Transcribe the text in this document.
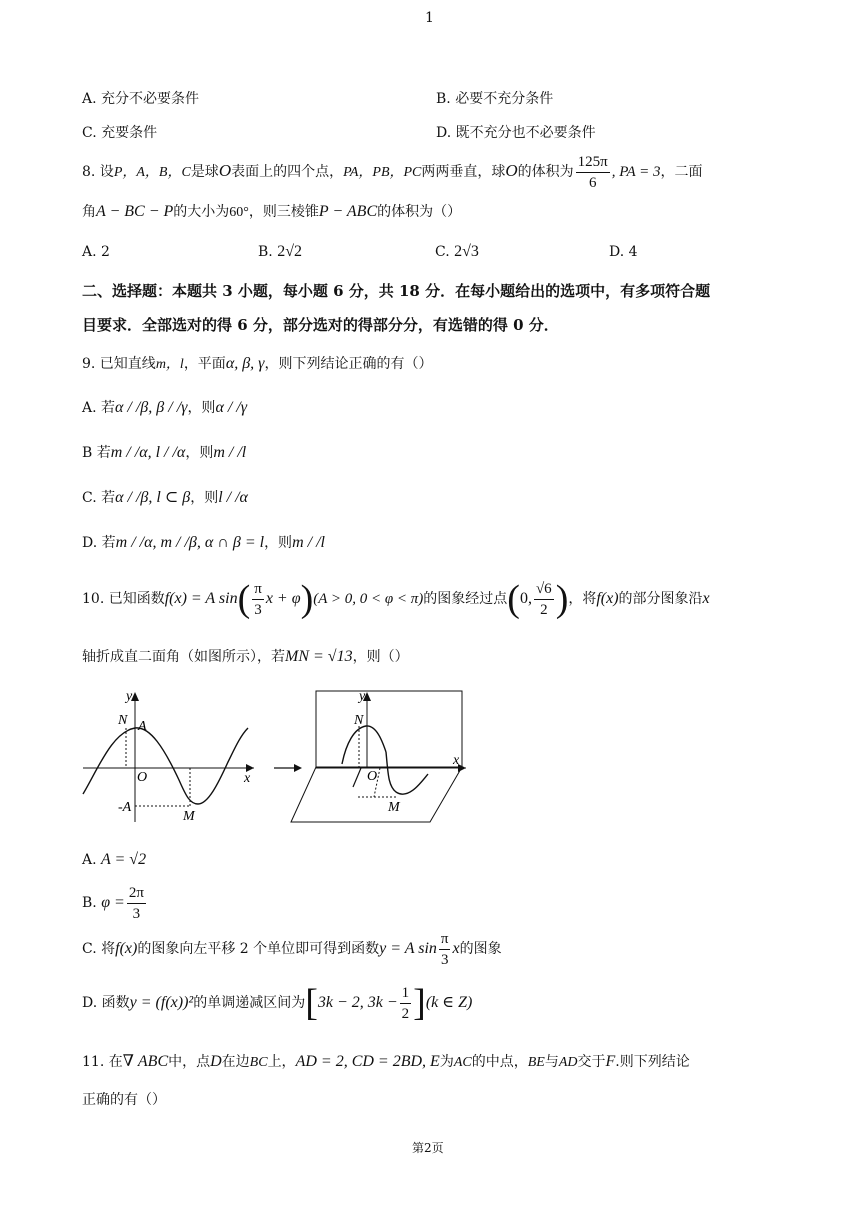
1
A. 充分不必要条件	B. 必要不充分条件
C. 充要条件	D. 既不充分也不必要条件
8. 设P，A，B，C是球O表面上的四个点，PA，PB，PC两两垂直，球O的体积为 $\frac{125\pi}{6}$ , PA = 3，二面
角A − BC − P的大小为60°，则三棱锥P − ABC的体积为（）
A. 2	B. 2√2	C. 2√3	D. 4
二、选择题：本题共 3 小题，每小题 6 分，共 18 分．在每小题给出的选项中，有多项符合题
目要求．全部选对的得 6 分，部分选对的得部分分，有选错的得 0 分．
9. 已知直线m，l，平面α, β, γ，则下列结论正确的有（）
A. 若α / /β, β / /γ，则α / /γ
B 若m / /α, l / /α，则m / /l
C. 若α / /β, l ⊂ β，则l / /α
D. 若m / /α, m / /β, α ∩ β = l，则m / /l
10. 已知函数f(x) = A $\sin( \frac{\pi}{3}$ x + φ)(A > 0, 0 < φ < π)的图象经过点(0, $\frac{√6}{2}$ )，将f(x)的部分图象沿x
轴折成直二面角（如图所示），若MN = √13，则（）
y
N A
O	x
-A
M
y
N
O
x
M
A. A = √2
B. $\varphi = \frac{2\pi}{3}$
C. 将f(x)的图象向左平移 2 个单位即可得到函数y = A $\sin \frac{\pi}{3}$ x的图象
D. 函数y = (f(x))²的单调递减区间为[3k − 2, $3k - \frac{1}{2} ](k$ ∈ Z)
11. 在∇ ABC中，点D在边BC上，AD = 2, CD = 2BD, E为AC的中点，BE与AD交于F.则下列结论
正确的有（）
第2页
